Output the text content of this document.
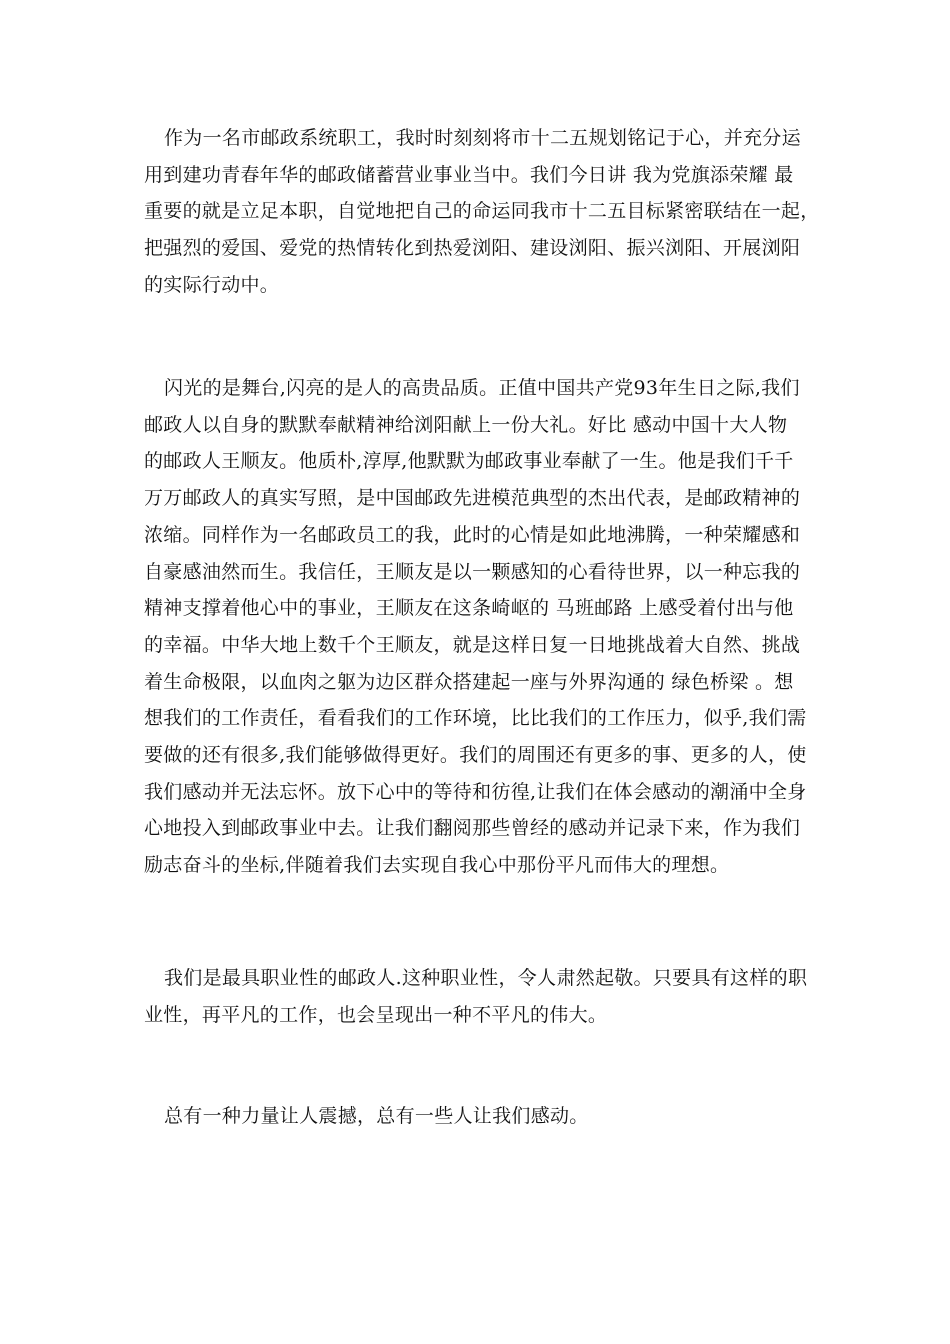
作为一名市邮政系统职工，我时时刻刻将市十二五规划铭记于心，并充分运
用到建功青春年华的邮政储蓄营业事业当中。我们今日讲 我为党旗添荣耀 最
重要的就是立足本职，自觉地把自己的命运同我市十二五目标紧密联结在一起，
把强烈的爱国、爱党的热情转化到热爱浏阳、建设浏阳、振兴浏阳、开展浏阳
的实际行动中。

闪光的是舞台,闪亮的是人的高贵品质。正值中国共产党93年生日之际,我们
邮政人以自身的默默奉献精神给浏阳献上一份大礼。好比 感动中国十大人物
的邮政人王顺友。他质朴,淳厚,他默默为邮政事业奉献了一生。他是我们千千
万万邮政人的真实写照，是中国邮政先进模范典型的杰出代表，是邮政精神的
浓缩。同样作为一名邮政员工的我，此时的心情是如此地沸腾，一种荣耀感和
自豪感油然而生。我信任，王顺友是以一颗感知的心看待世界，以一种忘我的
精神支撑着他心中的事业，王顺友在这条崎岖的 马班邮路 上感受着付出与他
的幸福。中华大地上数千个王顺友，就是这样日复一日地挑战着大自然、挑战
着生命极限，以血肉之躯为边区群众搭建起一座与外界沟通的 绿色桥梁 。想
想我们的工作责任，看看我们的工作环境，比比我们的工作压力，似乎,我们需
要做的还有很多,我们能够做得更好。我们的周围还有更多的事、更多的人，使
我们感动并无法忘怀。放下心中的等待和彷徨,让我们在体会感动的潮涌中全身
心地投入到邮政事业中去。让我们翻阅那些曾经的感动并记录下来，作为我们
励志奋斗的坐标,伴随着我们去实现自我心中那份平凡而伟大的理想。

我们是最具职业性的邮政人.这种职业性，令人肃然起敬。只要具有这样的职
业性，再平凡的工作，也会呈现出一种不平凡的伟大。

总有一种力量让人震撼，总有一些人让我们感动。
